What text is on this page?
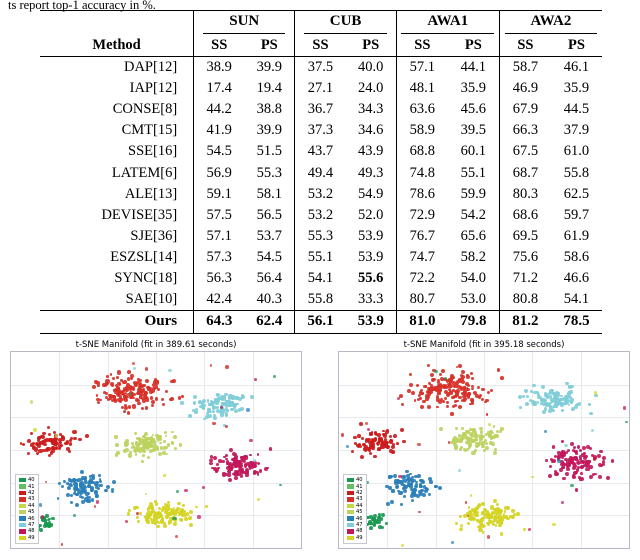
ts report top-1 accuracy in %.
	SUN		CUB		AWA1		AWA2	
Method	SS	PS	SS	PS	SS	PS	SS	PS
DAP[12]	38.9	39.9	37.5	40.0	57.1	44.1	58.7	46.1
IAP[12]	17.4	19.4	27.1	24.0	48.1	35.9	46.9	35.9
CONSE[8]	44.2	38.8	36.7	34.3	63.6	45.6	67.9	44.5
CMT[15]	41.9	39.9	37.3	34.6	58.9	39.5	66.3	37.9
SSE[16]	54.5	51.5	43.7	43.9	68.8	60.1	67.5	61.0
LATEM[6]	56.9	55.3	49.4	49.3	74.8	55.1	68.7	55.8
ALE[13]	59.1	58.1	53.2	54.9	78.6	59.9	80.3	62.5
DEVISE[35]	57.5	56.5	53.2	52.0	72.9	54.2	68.6	59.7
SJE[36]	57.1	53.7	55.3	53.9	76.7	65.6	69.5	61.9
ESZSL[14]	57.3	54.5	55.1	53.9	74.7	58.2	75.6	58.6
SYNC[18]	56.3	56.4	54.1	55.6	72.2	54.0	71.2	46.6
SAE[10]	42.4	40.3	55.8	33.3	80.7	53.0	80.8	54.1
Ours	64.3	62.4	56.1	53.9	81.0	79.8	81.2	78.5
t-SNE Manifold (fit in 389.61 seconds)
40
41
42
43
44
45
46
47
48
49
t-SNE Manifold (fit in 395.18 seconds)
40
41
42
43
44
45
46
47
48
49
